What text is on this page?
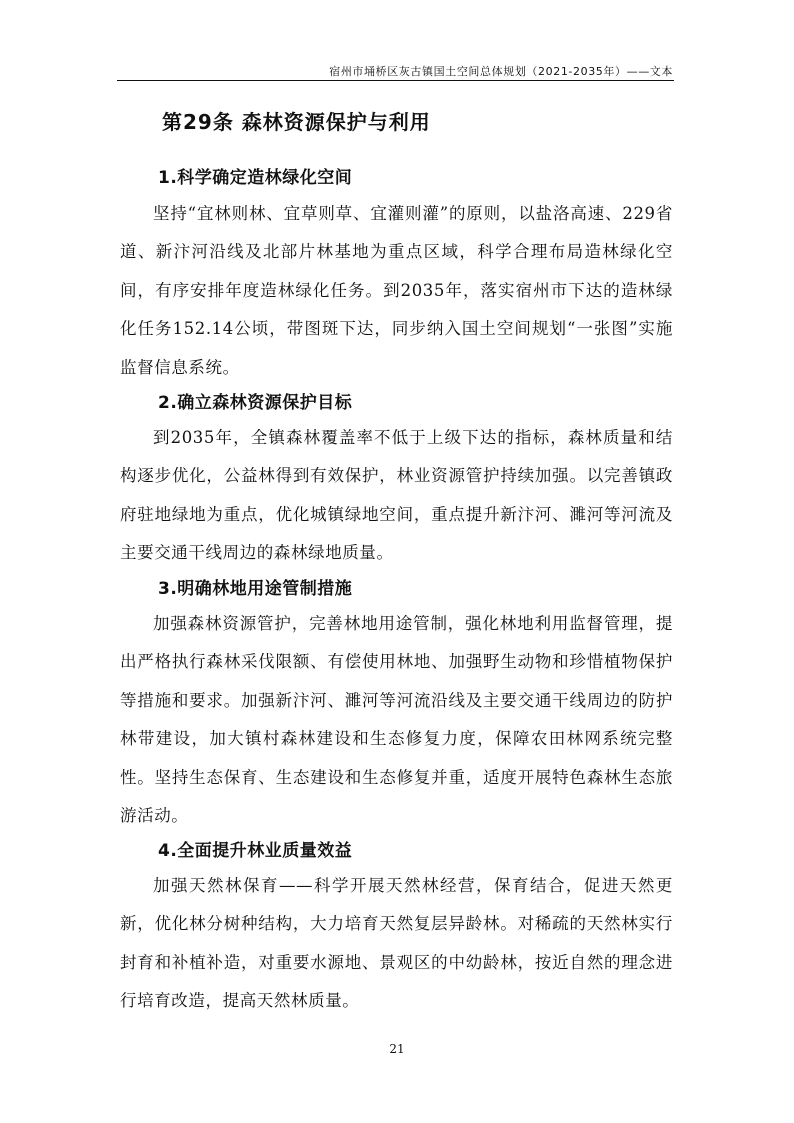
宿州市埇桥区灰古镇国土空间总体规划（2021-2035年）——文本
第29条 森林资源保护与利用
1.科学确定造林绿化空间

坚持“宜林则林、宜草则草、宜灌则灌”的原则，以盐洛高速、229省道、新汴河沿线及北部片林基地为重点区域，科学合理布局造林绿化空间，有序安排年度造林绿化任务。到2035年，落实宿州市下达的造林绿化任务152.14公顷，带图斑下达，同步纳入国土空间规划“一张图”实施监督信息系统。

2.确立森林资源保护目标

到2035年，全镇森林覆盖率不低于上级下达的指标，森林质量和结构逐步优化，公益林得到有效保护，林业资源管护持续加强。以完善镇政府驻地绿地为重点，优化城镇绿地空间，重点提升新汴河、濉河等河流及主要交通干线周边的森林绿地质量。

3.明确林地用途管制措施

加强森林资源管护，完善林地用途管制，强化林地利用监督管理，提出严格执行森林采伐限额、有偿使用林地、加强野生动物和珍惜植物保护等措施和要求。加强新汴河、濉河等河流沿线及主要交通干线周边的防护林带建设，加大镇村森林建设和生态修复力度，保障农田林网系统完整性。坚持生态保育、生态建设和生态修复并重，适度开展特色森林生态旅游活动。

4.全面提升林业质量效益

加强天然林保育——科学开展天然林经营，保育结合，促进天然更新，优化林分树种结构，大力培育天然复层异龄林。对稀疏的天然林实行封育和补植补造，对重要水源地、景观区的中幼龄林，按近自然的理念进行培育改造，提高天然林质量。

21
